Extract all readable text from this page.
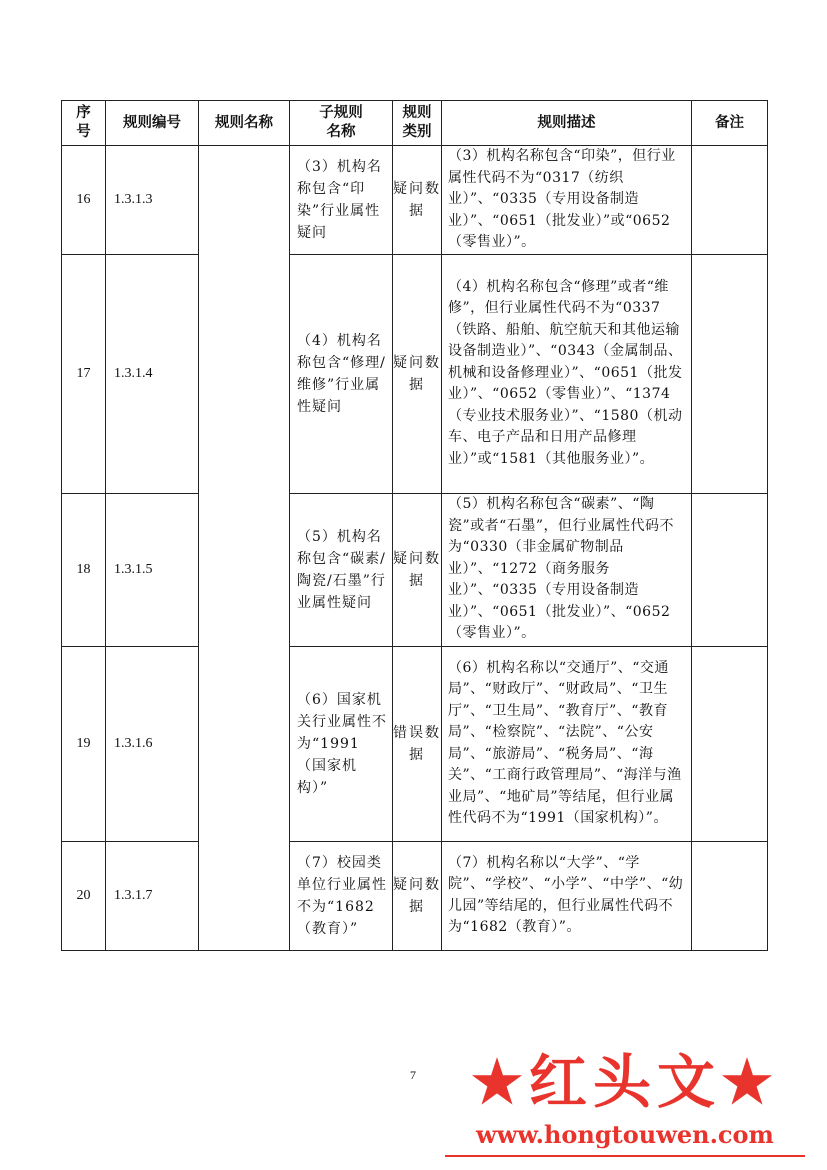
序号	规则编号	规则名称	子规则名称	规则类别	规则描述	备注
16	1.3.1.3		（3）机构名称包含“印染”行业属性疑问	疑问数据	（3）机构名称包含“印染”，但行业属性代码不为“0317（纺织业）”、“0335（专用设备制造业）”、“0651（批发业）”或“0652（零售业）”。	
17	1.3.1.4		（4）机构名称包含“修理/维修”行业属性疑问	疑问数据	（4）机构名称包含“修理”或者“维修”，但行业属性代码不为“0337（铁路、船舶、航空航天和其他运输设备制造业）”、“0343（金属制品、机械和设备修理业）”、“0651（批发业）”、“0652（零售业）”、“1374（专业技术服务业）”、“1580（机动车、电子产品和日用产品修理业）”或“1581（其他服务业）”。	
18	1.3.1.5		（5）机构名称包含“碳素/陶瓷/石墨”行业属性疑问	疑问数据	（5）机构名称包含“碳素”、“陶瓷”或者“石墨”，但行业属性代码不为“0330（非金属矿物制品业）”、“1272（商务服务业）”、“0335（专用设备制造业）”、“0651（批发业）”、“0652（零售业）”。	
19	1.3.1.6		（6）国家机关行业属性不为“1991（国家机构）”	错误数据	（6）机构名称以“交通厅”、“交通局”、“财政厅”、“财政局”、“卫生厅”、“卫生局”、“教育厅”、“教育局”、“检察院”、“法院”、“公安局”、“旅游局”、“税务局”、“海关”、“工商行政管理局”、“海洋与渔业局”、“地矿局”等结尾，但行业属性代码不为“1991（国家机构）”。	
20	1.3.1.7		（7）校园类单位行业属性不为“1682（教育）”	疑问数据	（7）机构名称以“大学”、“学院”、“学校”、“小学”、“中学”、“幼儿园”等结尾的，但行业属性代码不为“1682（教育）”。	
7 ★红头文★
www.hongtouwen.com
